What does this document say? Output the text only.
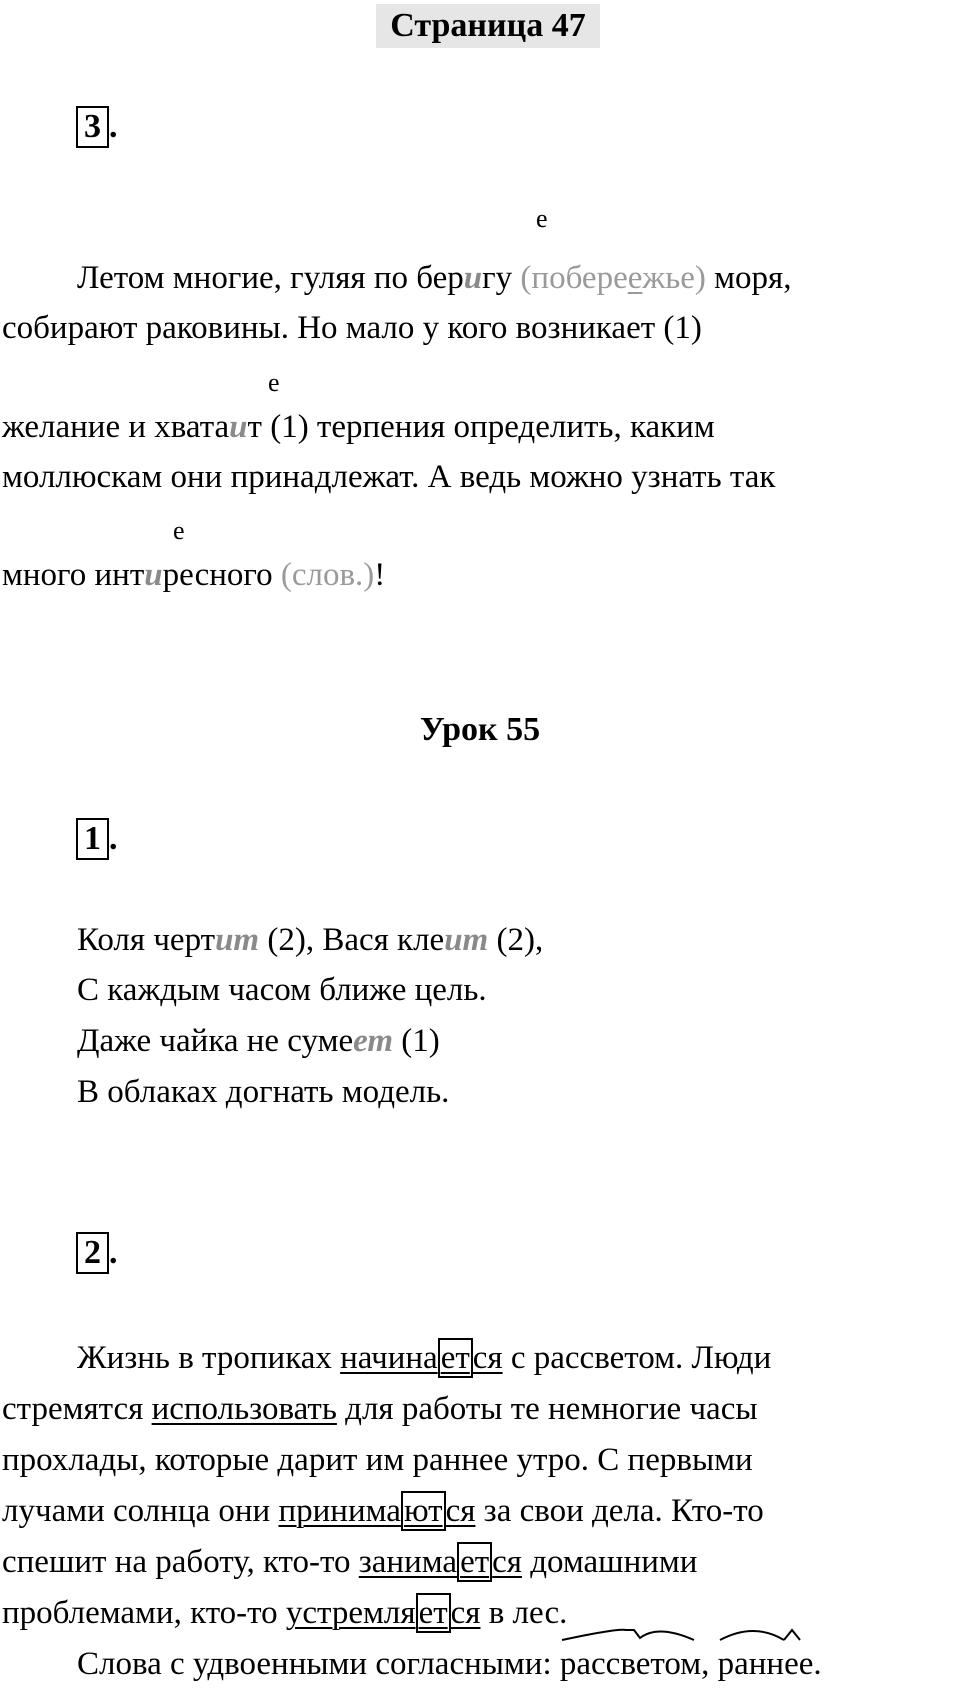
Страница 47
3 .
е
Летом многие, гуляя по беригу (побереежье) моря,
собирают раковины. Но мало у кого возникает (1)
е
желание и хватаит (1) терпения определить, каким
моллюскам они принадлежат. А ведь можно узнать так
е
много интиресного (слов.)!
Урок 55
1 .
Коля чертит (2), Вася клеит (2),
С каждым часом ближе цель.
Даже чайка не сумеет (1)
В облаках догнать модель.
2 .
Жизнь в тропиках начинается с рассветом. Люди
стремятся использовать для работы те немногие часы
прохлады, которые дарит им раннее утро. С первыми
лучами солнца они принимаются за свои дела. Кто-то
спешит на работу, кто-то занимается домашними
проблемами, кто-то устремляется в лес.
Слова с удвоенными согласными:
рассветом,
раннее.
